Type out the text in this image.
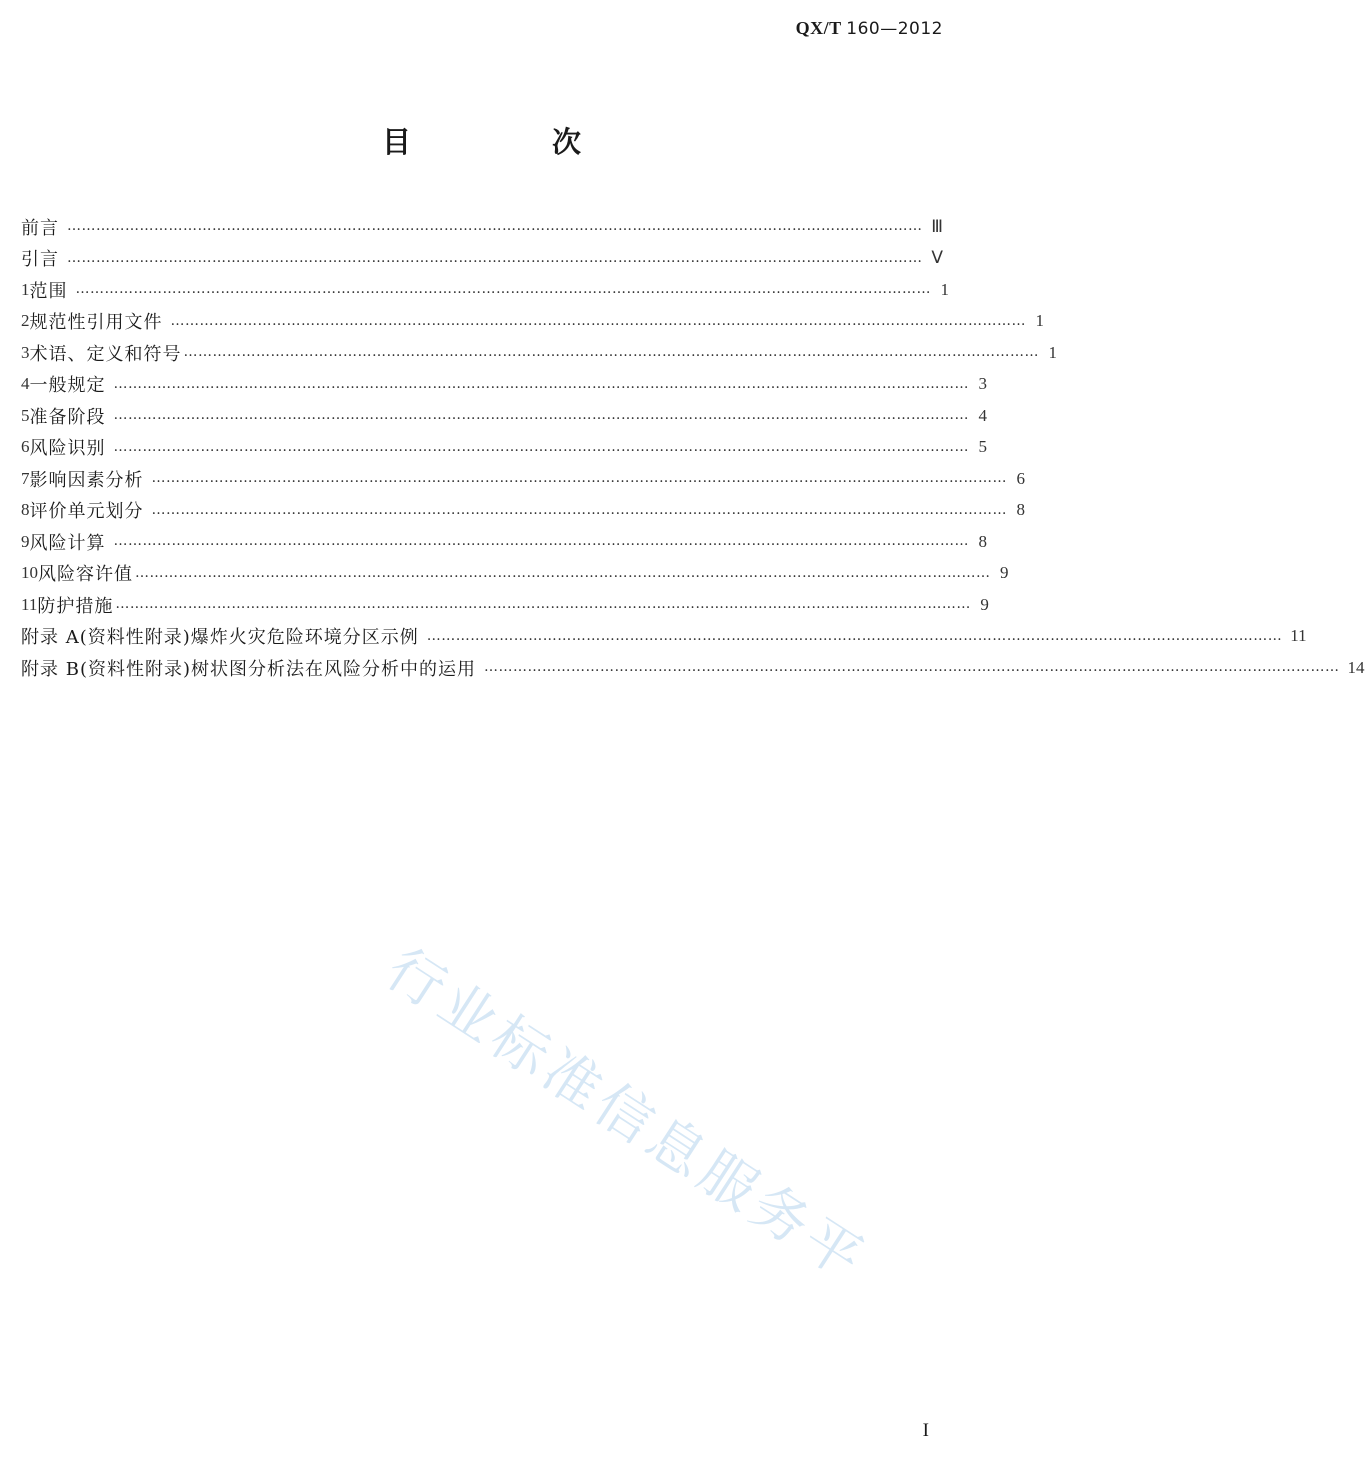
QX/T 160—2012
目　次
前言 …………………………………………………………………………………………………………………………………………………………… Ⅲ
引言 …………………………………………………………………………………………………………………………………………………………… Ⅴ
1 范围 …………………………………………………………………………………………………………………………………………………………… 1
2 规范性引用文件 …………………………………………………………………………………………………………………………………………………………… 1
3 术语、定义和符号 …………………………………………………………………………………………………………………………………………………………… 1
4 一般规定 …………………………………………………………………………………………………………………………………………………………… 3
5 准备阶段 …………………………………………………………………………………………………………………………………………………………… 4
6 风险识别 …………………………………………………………………………………………………………………………………………………………… 5
7 影响因素分析 …………………………………………………………………………………………………………………………………………………………… 6
8 评价单元划分 …………………………………………………………………………………………………………………………………………………………… 8
9 风险计算 …………………………………………………………………………………………………………………………………………………………… 8
10 风险容许值 …………………………………………………………………………………………………………………………………………………………… 9
11 防护措施 …………………………………………………………………………………………………………………………………………………………… 9
附录 A(资料性附录) 爆炸火灾危险环境分区示例 …………………………………………………………………………………………………………………………………………………………… 11
附录 B(资料性附录) 树状图分析法在风险分析中的运用 …………………………………………………………………………………………………………………………………………………………… 14
行业标准信息服务平
I
